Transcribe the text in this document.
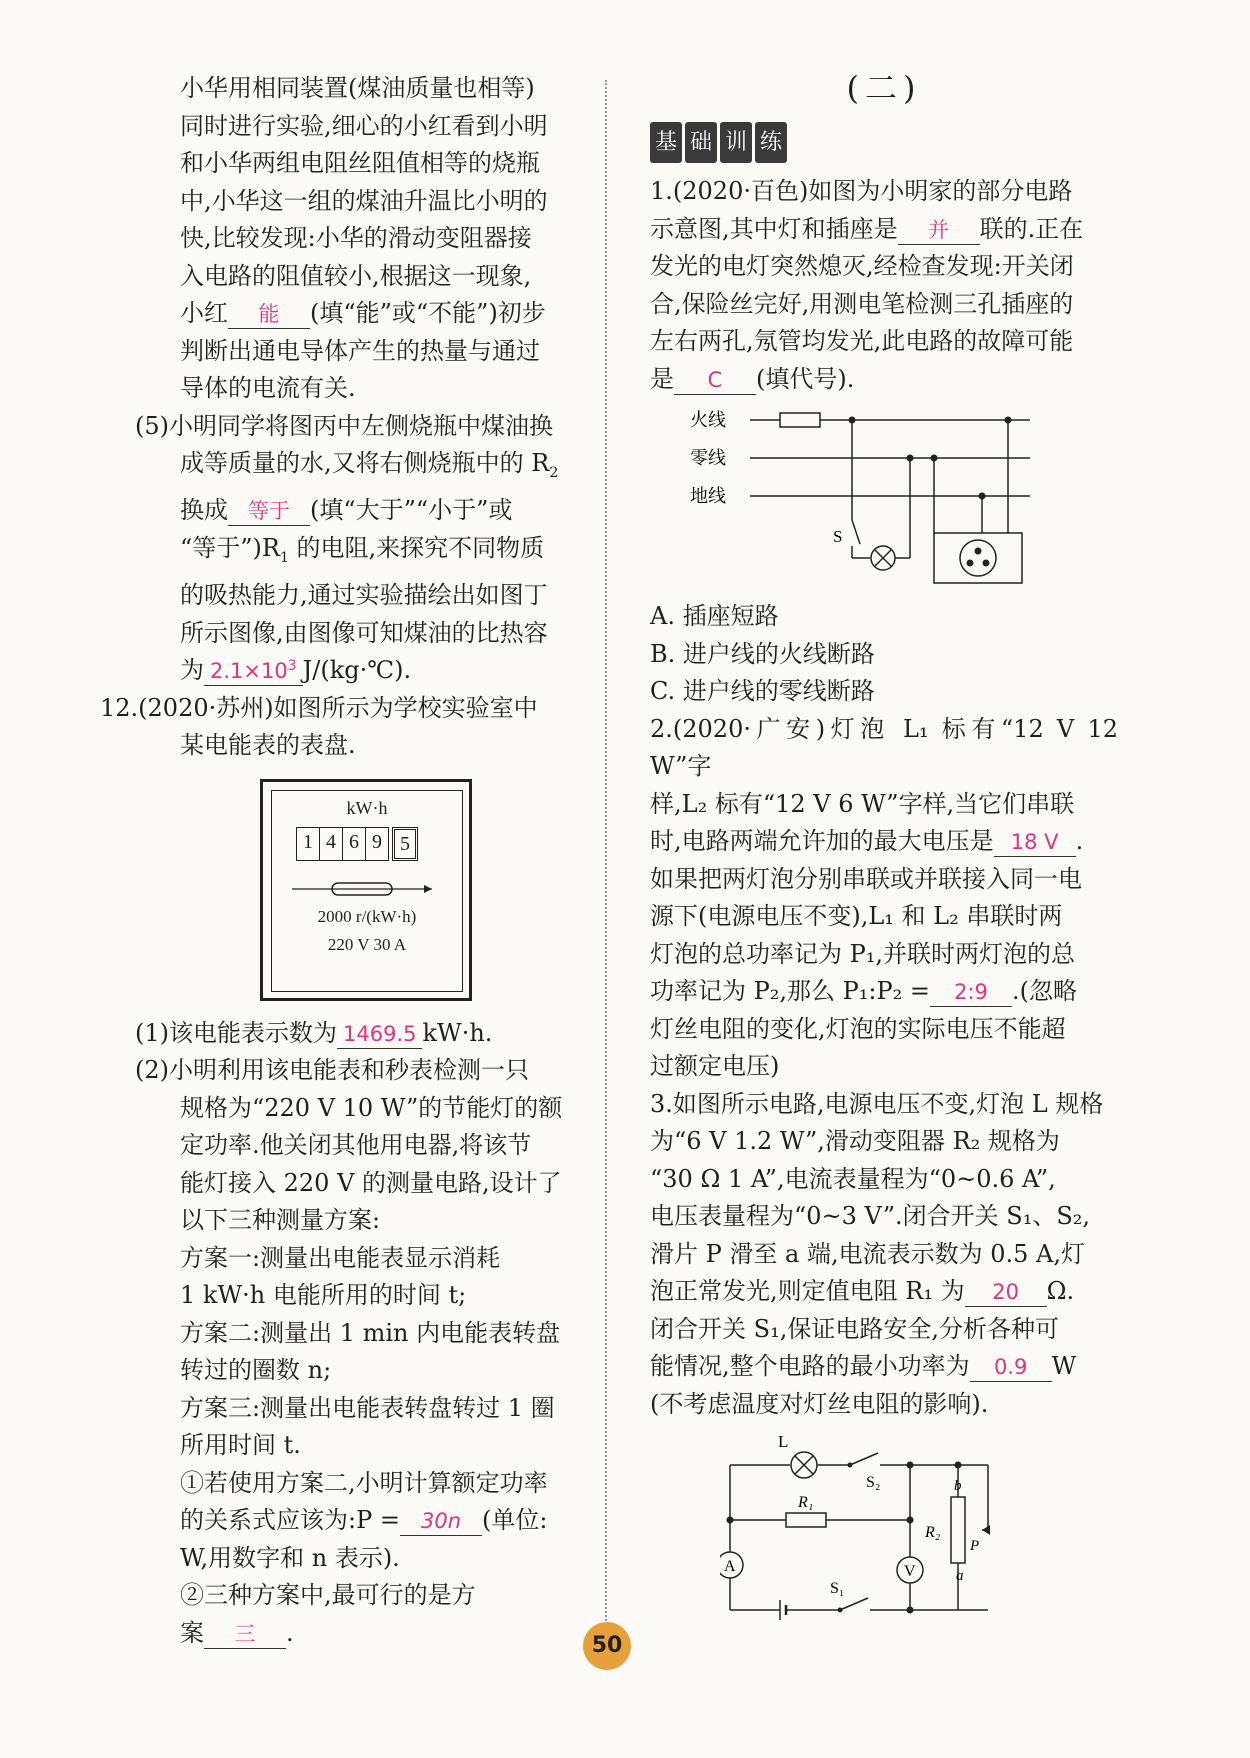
小华用相同装置(煤油质量也相等)

同时进行实验,细心的小红看到小明

和小华两组电阻丝阻值相等的烧瓶

中,小华这一组的煤油升温比小明的

快,比较发现:小华的滑动变阻器接

入电路的阻值较小,根据这一现象,

小红 能 (填“能”或“不能”)初步

判断出通电导体产生的热量与通过

导体的电流有关.

(5)小明同学将图丙中左侧烧瓶中煤油换

成等质量的水,又将右侧烧瓶中的 $R_2$

换成 等于 (填“大于”“小于”或

“等于$”)R_1$ 的电阻,来探究不同物质

的吸热能力,通过实验描绘出如图丁

所示图像,由图像可知煤油的比热容

为 $2.1\times 10^3$ J/(kg·℃).

12.(2020·苏州)如图所示为学校实验室中

某电能表的表盘.

kW·h
1 4 6 9 5
2000 r/(kW·h)
220 V 30 A

(1)该电能表示数为 1469.5 kW·h.

(2)小明利用该电能表和秒表检测一只

规格为“220 V 10 W”的节能灯的额

定功率.他关闭其他用电器,将该节

能灯接入 220 V 的测量电路,设计了

以下三种测量方案:

方案一:测量出电能表显示消耗

1 kW·h 电能所用的时间 t;

方案二:测量出 1 min 内电能表转盘

转过的圈数 n;

方案三:测量出电能表转盘转过 1 圈

所用时间 t.

①若使用方案二,小明计算额定功率

的关系式应该为:P = 30n (单位:

W,用数字和 n 表示).

②三种方案中,最可行的是方

案 三 .

(二)
基 础 训 练

1.(2020·百色)如图为小明家的部分电路

示意图,其中灯和插座是 并 联的.正在

发光的电灯突然熄灭,经检查发现:开关闭

合,保险丝完好,用测电笔检测三孔插座的

左右两孔,氖管均发光,此电路的故障可能

是 C (填代号).

火线
零线
地线
S

A. 插座短路

B. 进户线的火线断路

C. 进户线的零线断路

2.(2020·广安)灯泡 L₁ 标有“12 V 12 W”字

样,L₂ 标有“12 V 6 W”字样,当它们串联

时,电路两端允许加的最大电压是 18 V .

如果把两灯泡分别串联或并联接入同一电

源下(电源电压不变),L₁ 和 L₂ 串联时两

灯泡的总功率记为 P₁,并联时两灯泡的总

功率记为 P₂,那么 P₁:P₂ = 2:9 .(忽略

灯丝电阻的变化,灯泡的实际电压不能超

过额定电压)

3.如图所示电路,电源电压不变,灯泡 L 规格

为“6 V 1.2 W”,滑动变阻器 R₂ 规格为

“30 Ω 1 A”,电流表量程为“0~0.6 A”,

电压表量程为“0~3 V”.闭合开关 S₁、S₂,

滑片 P 滑至 a 端,电流表示数为 0.5 A,灯

泡正常发光,则定值电阻 R₁ 为 20 Ω.

闭合开关 S₁,保证电路安全,分析各种可

能情况,整个电路的最小功率为 0.9 W

(不考虑温度对灯丝电阻的影响).

L
S₂
R₁
V
A
S₁
R₂
b
P
a
50
